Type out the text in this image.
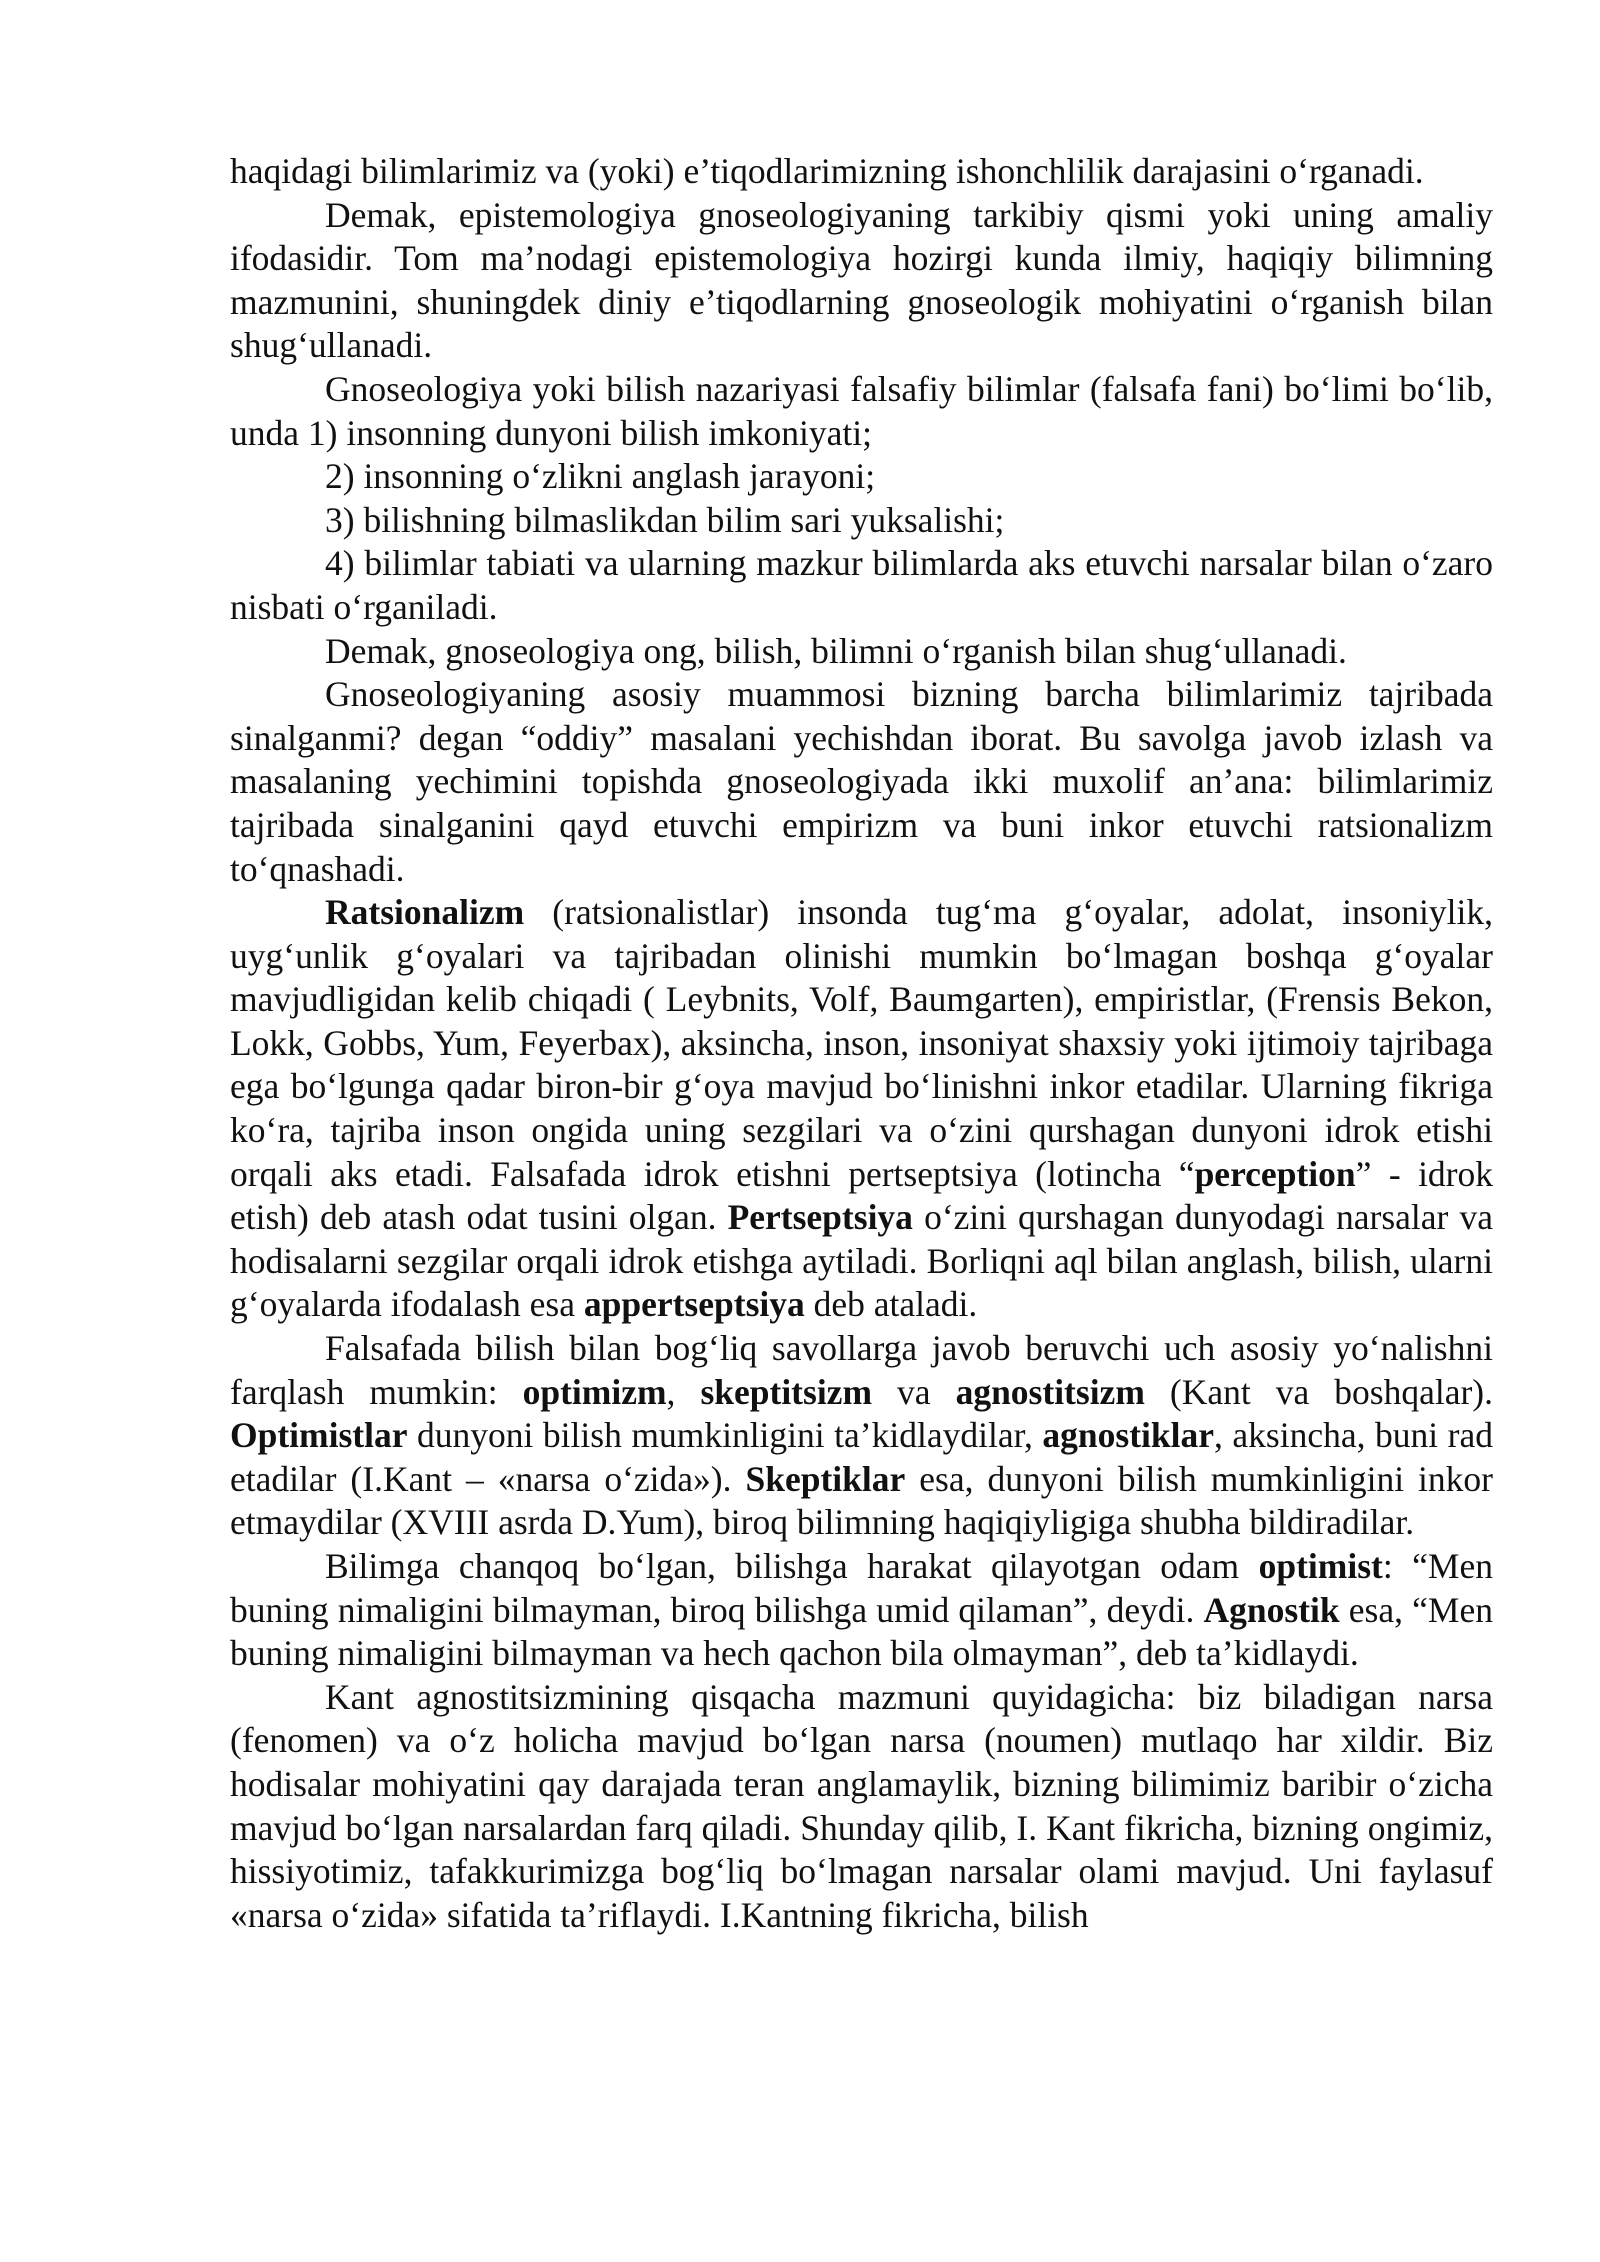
haqidagi bilimlarimiz va (yoki) e’tiqodlarimizning ishonchlilik darajasini o‘rganadi.

Demak, epistemologiya gnoseologiyaning tarkibiy qismi yoki uning amaliy ifodasidir. Tom ma’nodagi epistemologiya hozirgi kunda ilmiy, haqiqiy bilimning mazmunini, shuningdek diniy e’tiqodlarning gnoseologik mohiyatini o‘rganish bilan shug‘ullanadi.

Gnoseologiya yoki bilish nazariyasi falsafiy bilimlar (falsafa fani) bo‘limi bo‘lib, unda 1) insonning dunyoni bilish imkoniyati;

2) insonning o‘zlikni anglash jarayoni;

3) bilishning bilmaslikdan bilim sari yuksalishi;

4) bilimlar tabiati va ularning mazkur bilimlarda aks etuvchi narsalar bilan o‘zaro nisbati o‘rganiladi.

Demak, gnoseologiya ong, bilish, bilimni o‘rganish bilan shug‘ullanadi.

Gnoseologiyaning asosiy muammosi bizning barcha bilimlarimiz tajribada sinalganmi? degan “oddiy” masalani yechishdan iborat. Bu savolga javob izlash va masalaning yechimini topishda gnoseologiyada ikki muxolif an’ana: bilimlarimiz tajribada sinalganini qayd etuvchi empirizm va buni inkor etuvchi ratsionalizm to‘qnashadi.

Ratsionalizm (ratsionalistlar) insonda tug‘ma g‘oyalar, adolat, insoniylik, uyg‘unlik g‘oyalari va tajribadan olinishi mumkin bo‘lmagan boshqa g‘oyalar mavjudligidan kelib chiqadi ( Leybnits, Volf, Baumgarten), empiristlar, (Frensis Bekon, Lokk, Gobbs, Yum, Feyerbax), aksincha, inson, insoniyat shaxsiy yoki ijtimoiy tajribaga ega bo‘lgunga qadar biron-bir g‘oya mavjud bo‘linishni inkor etadilar. Ularning fikriga ko‘ra, tajriba inson ongida uning sezgilari va o‘zini qurshagan dunyoni idrok etishi orqali aks etadi. Falsafada idrok etishni pertseptsiya (lotincha “perception” - idrok etish) deb atash odat tusini olgan. Pertseptsiya o‘zini qurshagan dunyodagi narsalar va hodisalarni sezgilar orqali idrok etishga aytiladi. Borliqni aql bilan anglash, bilish, ularni g‘oyalarda ifodalash esa appertseptsiya deb ataladi.

Falsafada bilish bilan bog‘liq savollarga javob beruvchi uch asosiy yo‘nalishni farqlash mumkin: optimizm, skeptitsizm va agnostitsizm (Kant va boshqalar). Optimistlar dunyoni bilish mumkinligini ta’kidlaydilar, agnostiklar, aksincha, buni rad etadilar (I.Kant – «narsa o‘zida»). Skeptiklar esa, dunyoni bilish mumkinligini inkor etmaydilar (XVIII asrda D.Yum), biroq bilimning haqiqiyligiga shubha bildiradilar.

Bilimga chanqoq bo‘lgan, bilishga harakat qilayotgan odam optimist: “Men buning nimaligini bilmayman, biroq bilishga umid qilaman”, deydi. Agnostik esa, “Men buning nimaligini bilmayman va hech qachon bila olmayman”, deb ta’kidlaydi.

Kant agnostitsizmining qisqacha mazmuni quyidagicha: biz biladigan narsa (fenomen) va o‘z holicha mavjud bo‘lgan narsa (noumen) mutlaqo har xildir. Biz hodisalar mohiyatini qay darajada teran anglamaylik, bizning bilimimiz baribir o‘zicha mavjud bo‘lgan narsalardan farq qiladi. Shunday qilib, I. Kant fikricha, bizning ongimiz, hissiyotimiz, tafakkurimizga bog‘liq bo‘lmagan narsalar olami mavjud. Uni faylasuf «narsa o‘zida» sifatida ta’riflaydi. I.Kantning fikricha, bilish
